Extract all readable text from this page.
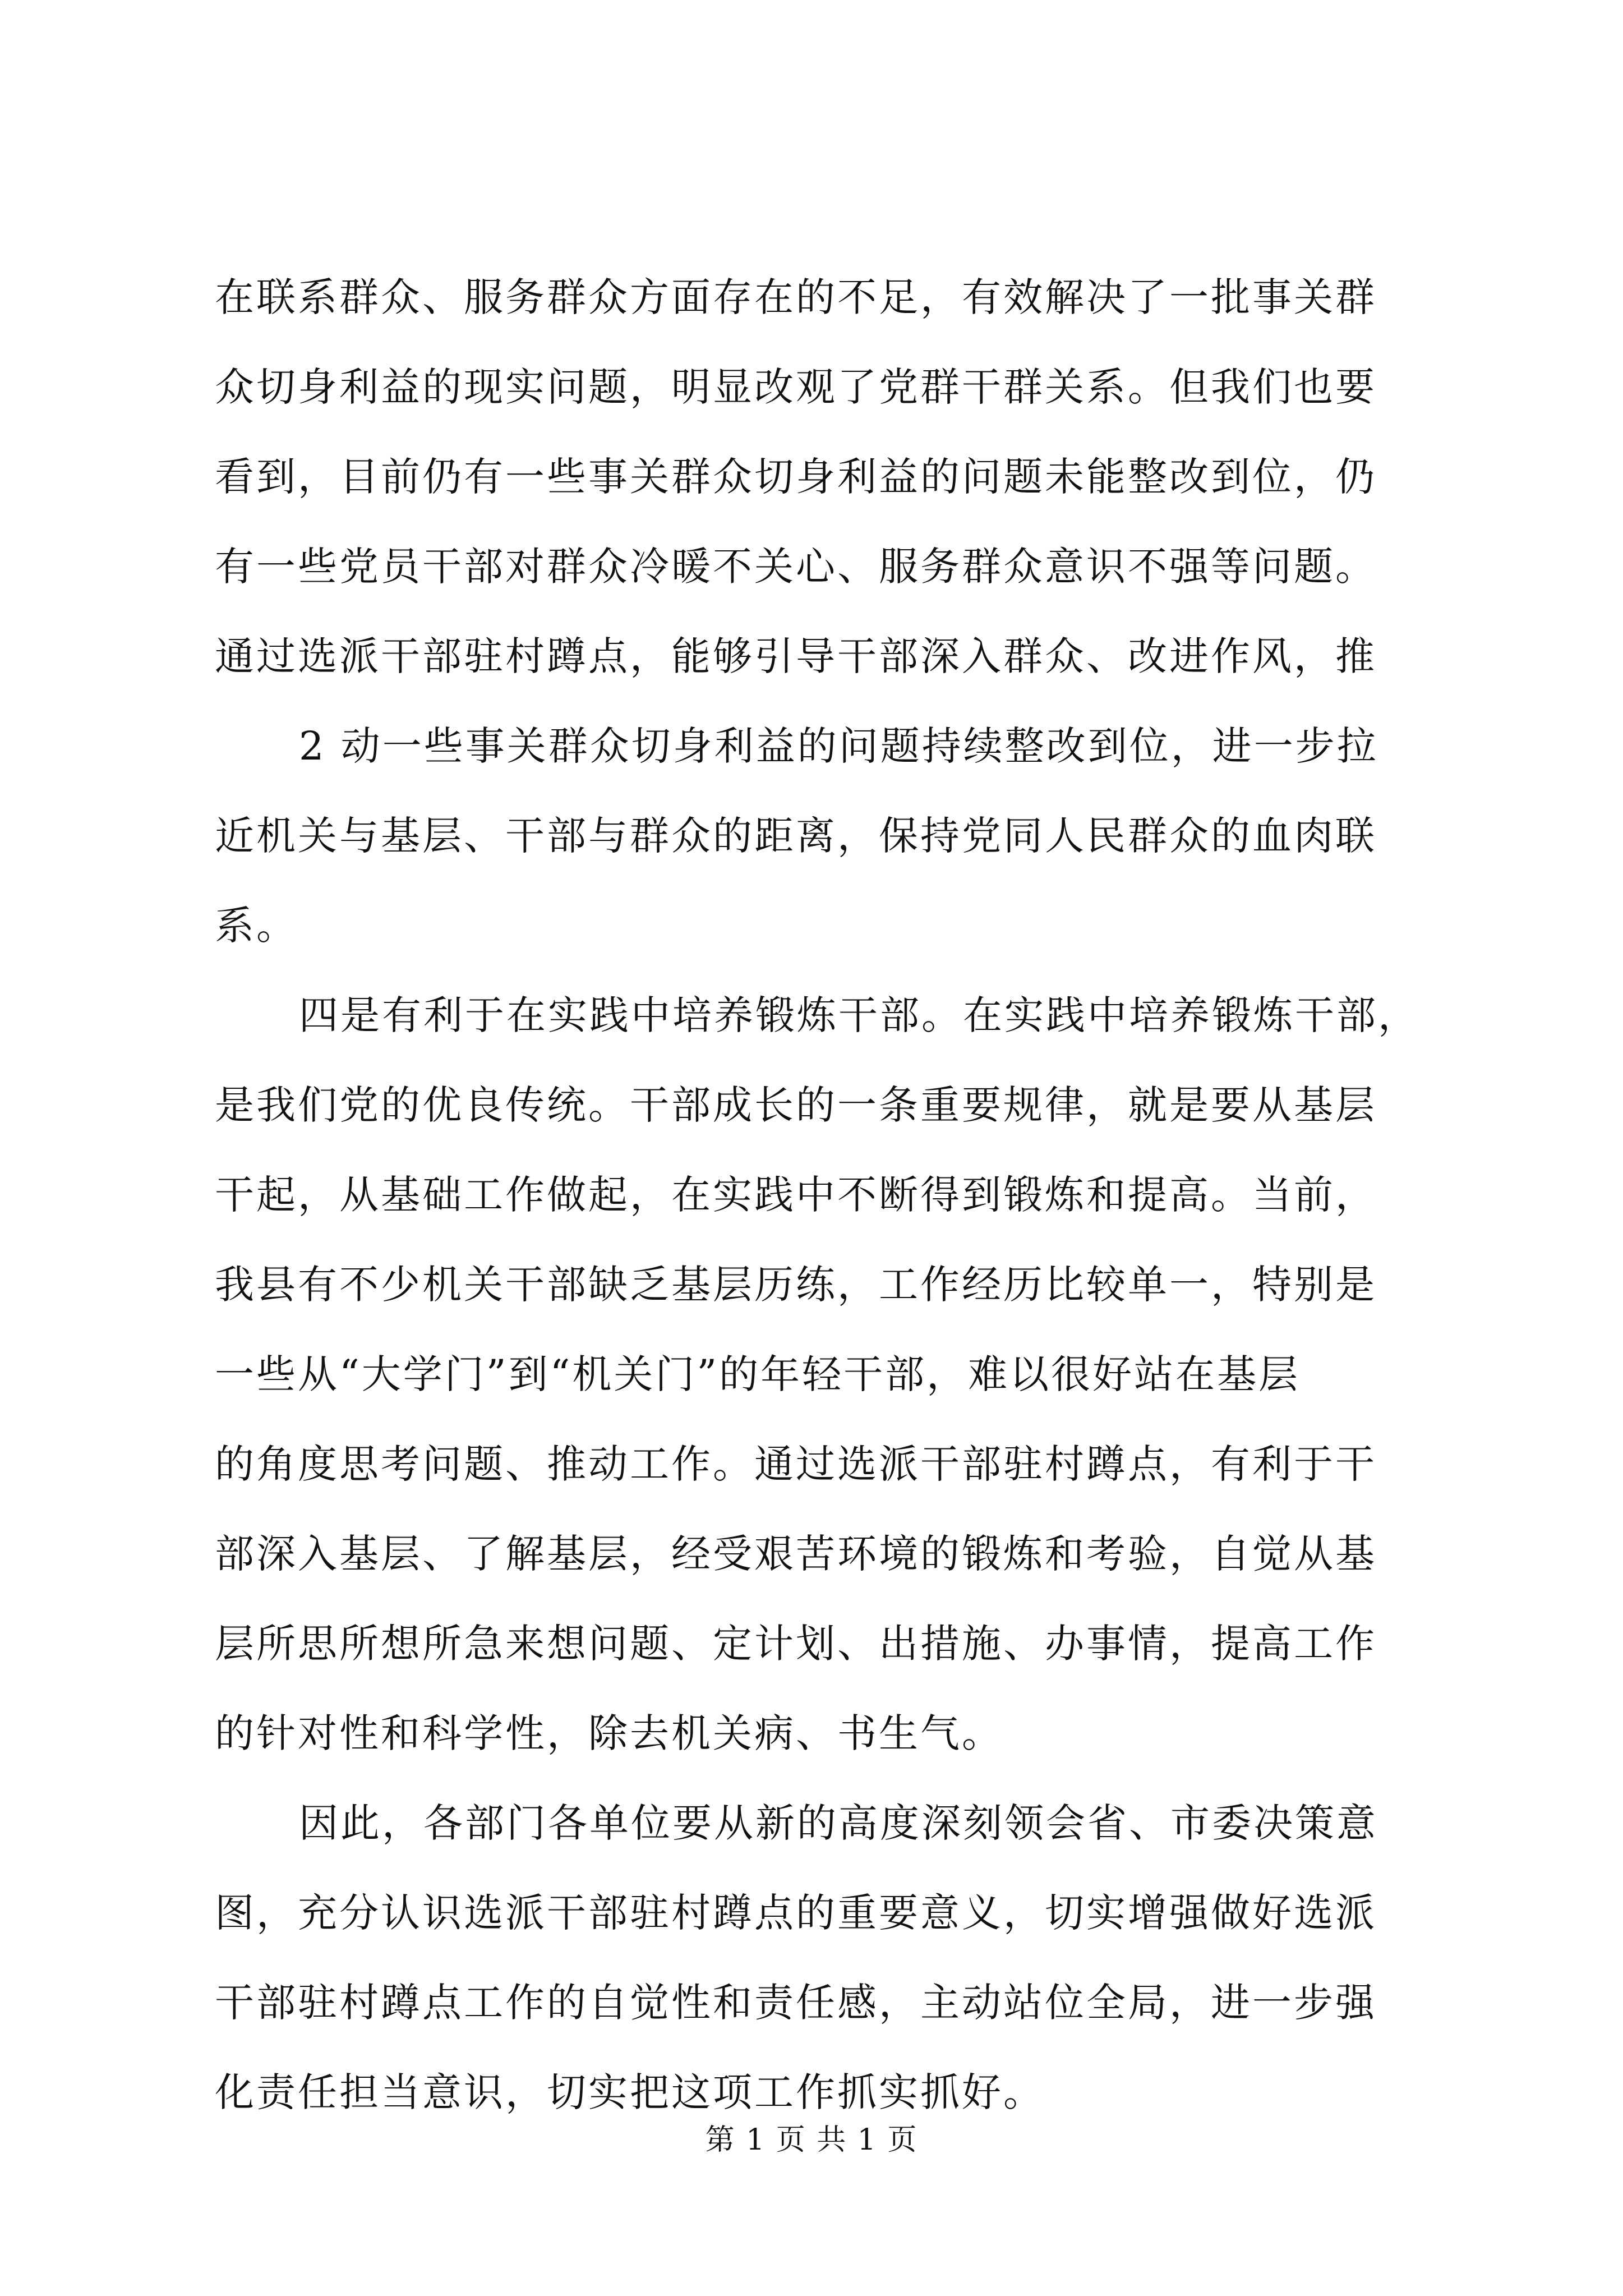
在联系群众、服务群众方面存在的不足，有效解决了一批事关群
众切身利益的现实问题，明显改观了党群干群关系。但我们也要
看到，目前仍有一些事关群众切身利益的问题未能整改到位，仍
有一些党员干部对群众冷暖不关心、服务群众意识不强等问题。
通过选派干部驻村蹲点，能够引导干部深入群众、改进作风，推
2 动一些事关群众切身利益的问题持续整改到位，进一步拉
近机关与基层、干部与群众的距离，保持党同人民群众的血肉联
系。
四是有利于在实践中培养锻炼干部。在实践中培养锻炼干部，
是我们党的优良传统。干部成长的一条重要规律，就是要从基层
干起，从基础工作做起，在实践中不断得到锻炼和提高。当前，
我县有不少机关干部缺乏基层历练，工作经历比较单一，特别是
一些从“大学门”到“机关门”的年轻干部，难以很好站在基层
的角度思考问题、推动工作。通过选派干部驻村蹲点，有利于干
部深入基层、了解基层，经受艰苦环境的锻炼和考验，自觉从基
层所思所想所急来想问题、定计划、出措施、办事情，提高工作
的针对性和科学性，除去机关病、书生气。
因此，各部门各单位要从新的高度深刻领会省、市委决策意
图，充分认识选派干部驻村蹲点的重要意义，切实增强做好选派
干部驻村蹲点工作的自觉性和责任感，主动站位全局，进一步强
化责任担当意识，切实把这项工作抓实抓好。
第 1 页 共 1 页
